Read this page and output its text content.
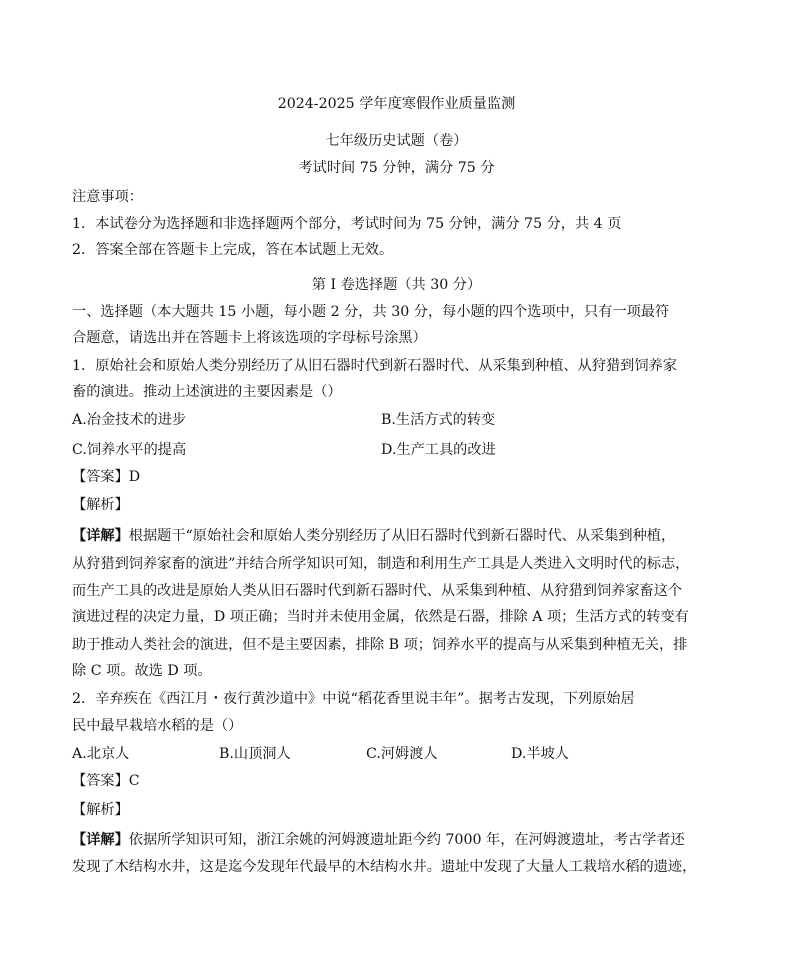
2024-2025 学年度寒假作业质量监测
七年级历史试题（卷）
考试时间 75 分钟，满分 75 分
注意事项：
1．本试卷分为选择题和非选择题两个部分，考试时间为 75 分钟，满分 75 分，共 4 页
2．答案全部在答题卡上完成，答在本试题上无效。
第 I 卷选择题（共 30 分）
一、选择题（本大题共 15 小题，每小题 2 分，共 30 分，每小题的四个选项中，只有一项最符
合题意，请选出并在答题卡上将该选项的字母标号涂黑）
1．原始社会和原始人类分别经历了从旧石器时代到新石器时代、从采集到种植、从狩猎到饲养家
畜的演进。推动上述演进的主要因素是（）
A.冶金技术的进步	B.生活方式的转变
C.饲养水平的提高	D.生产工具的改进
【答案】D
【解析】
【详解】根据题干“原始社会和原始人类分别经历了从旧石器时代到新石器时代、从采集到种植，
从狩猎到饲养家畜的演进”并结合所学知识可知，制造和利用生产工具是人类进入文明时代的标志，
而生产工具的改进是原始人类从旧石器时代到新石器时代、从采集到种植、从狩猎到饲养家畜这个
演进过程的决定力量，D 项正确；当时并未使用金属，依然是石器，排除 A 项；生活方式的转变有
助于推动人类社会的演进，但不是主要因素，排除 B 项；饲养水平的提高与从采集到种植无关，排
除 C 项。故选 D 项。
2．辛弃疾在《西江月・夜行黄沙道中》中说“稻花香里说丰年”。据考古发现，下列原始居
民中最早栽培水稻的是（）
A.北京人	B.山顶洞人	C.河姆渡人	D.半坡人
【答案】C
【解析】
【详解】依据所学知识可知，浙江余姚的河姆渡遗址距今约 7000 年，在河姆渡遗址，考古学者还
发现了木结构水井，这是迄今发现年代最早的木结构水井。遗址中发现了大量人工栽培水稻的遗迹，
